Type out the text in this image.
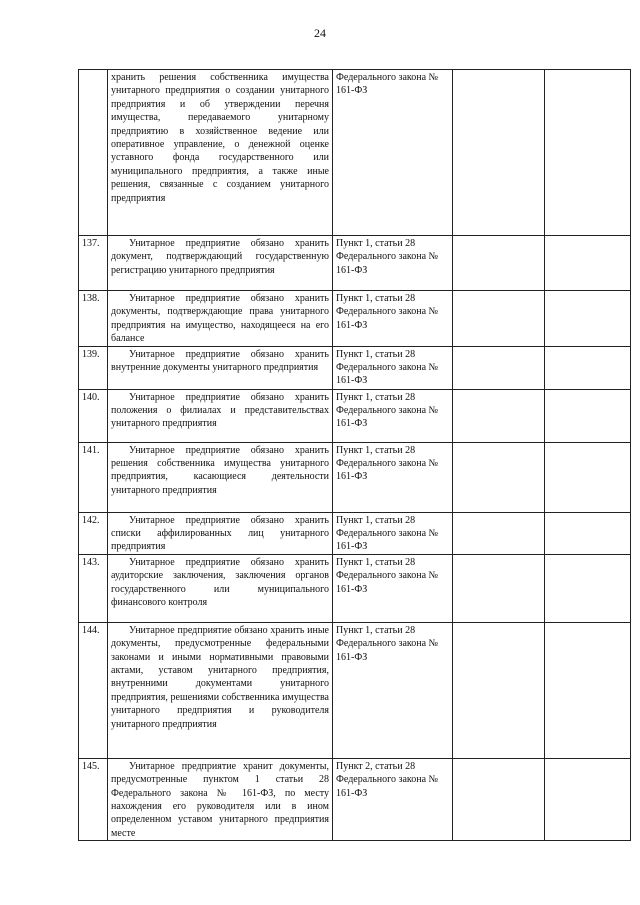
24
	хранить решения собственника имущества унитарного предприятия о создании унитарного предприятия и об утверждении перечня имущества, передаваемого унитарному предприятию в хозяйственное ведение или оперативное управление, о денежной оценке уставного фонда государственного или муниципального предприятия, а также иные решения, связанные с созданием унитарного предприятия	Федерального закона № 161-ФЗ		
137.	Унитарное предприятие обязано хранить документ, подтверждающий государственную регистрацию унитарного предприятия	Пункт 1, статьи 28 Федерального закона № 161-ФЗ		
138.	Унитарное предприятие обязано хранить документы, подтверждающие права унитарного предприятия на имущество, находящееся на его балансе	Пункт 1, статьи 28 Федерального закона № 161-ФЗ		
139.	Унитарное предприятие обязано хранить внутренние документы унитарного предприятия	Пункт 1, статьи 28 Федерального закона № 161-ФЗ		
140.	Унитарное предприятие обязано хранить положения о филиалах и представительствах унитарного предприятия	Пункт 1, статьи 28 Федерального закона № 161-ФЗ		
141.	Унитарное предприятие обязано хранить решения собственника имущества унитарного предприятия, касающиеся деятельности унитарного предприятия	Пункт 1, статьи 28 Федерального закона № 161-ФЗ		
142.	Унитарное предприятие обязано хранить списки аффилированных лиц унитарного предприятия	Пункт 1, статьи 28 Федерального закона № 161-ФЗ		
143.	Унитарное предприятие обязано хранить аудиторские заключения, заключения органов государственного или муниципального финансового контроля	Пункт 1, статьи 28 Федерального закона № 161-ФЗ		
144.	Унитарное предприятие обязано хранить иные документы, предусмотренные федеральными законами и иными нормативными правовыми актами, уставом унитарного предприятия, внутренними документами унитарного предприятия, решениями собственника имущества унитарного предприятия и руководителя унитарного предприятия	Пункт 1, статьи 28 Федерального закона № 161-ФЗ		
145.	Унитарное предприятие хранит документы, предусмотренные пунктом 1 статьи 28 Федерального закона № 161-ФЗ, по месту нахождения его руководителя или в ином определенном уставом унитарного предприятия месте	Пункт 2, статьи 28 Федерального закона № 161-ФЗ		
